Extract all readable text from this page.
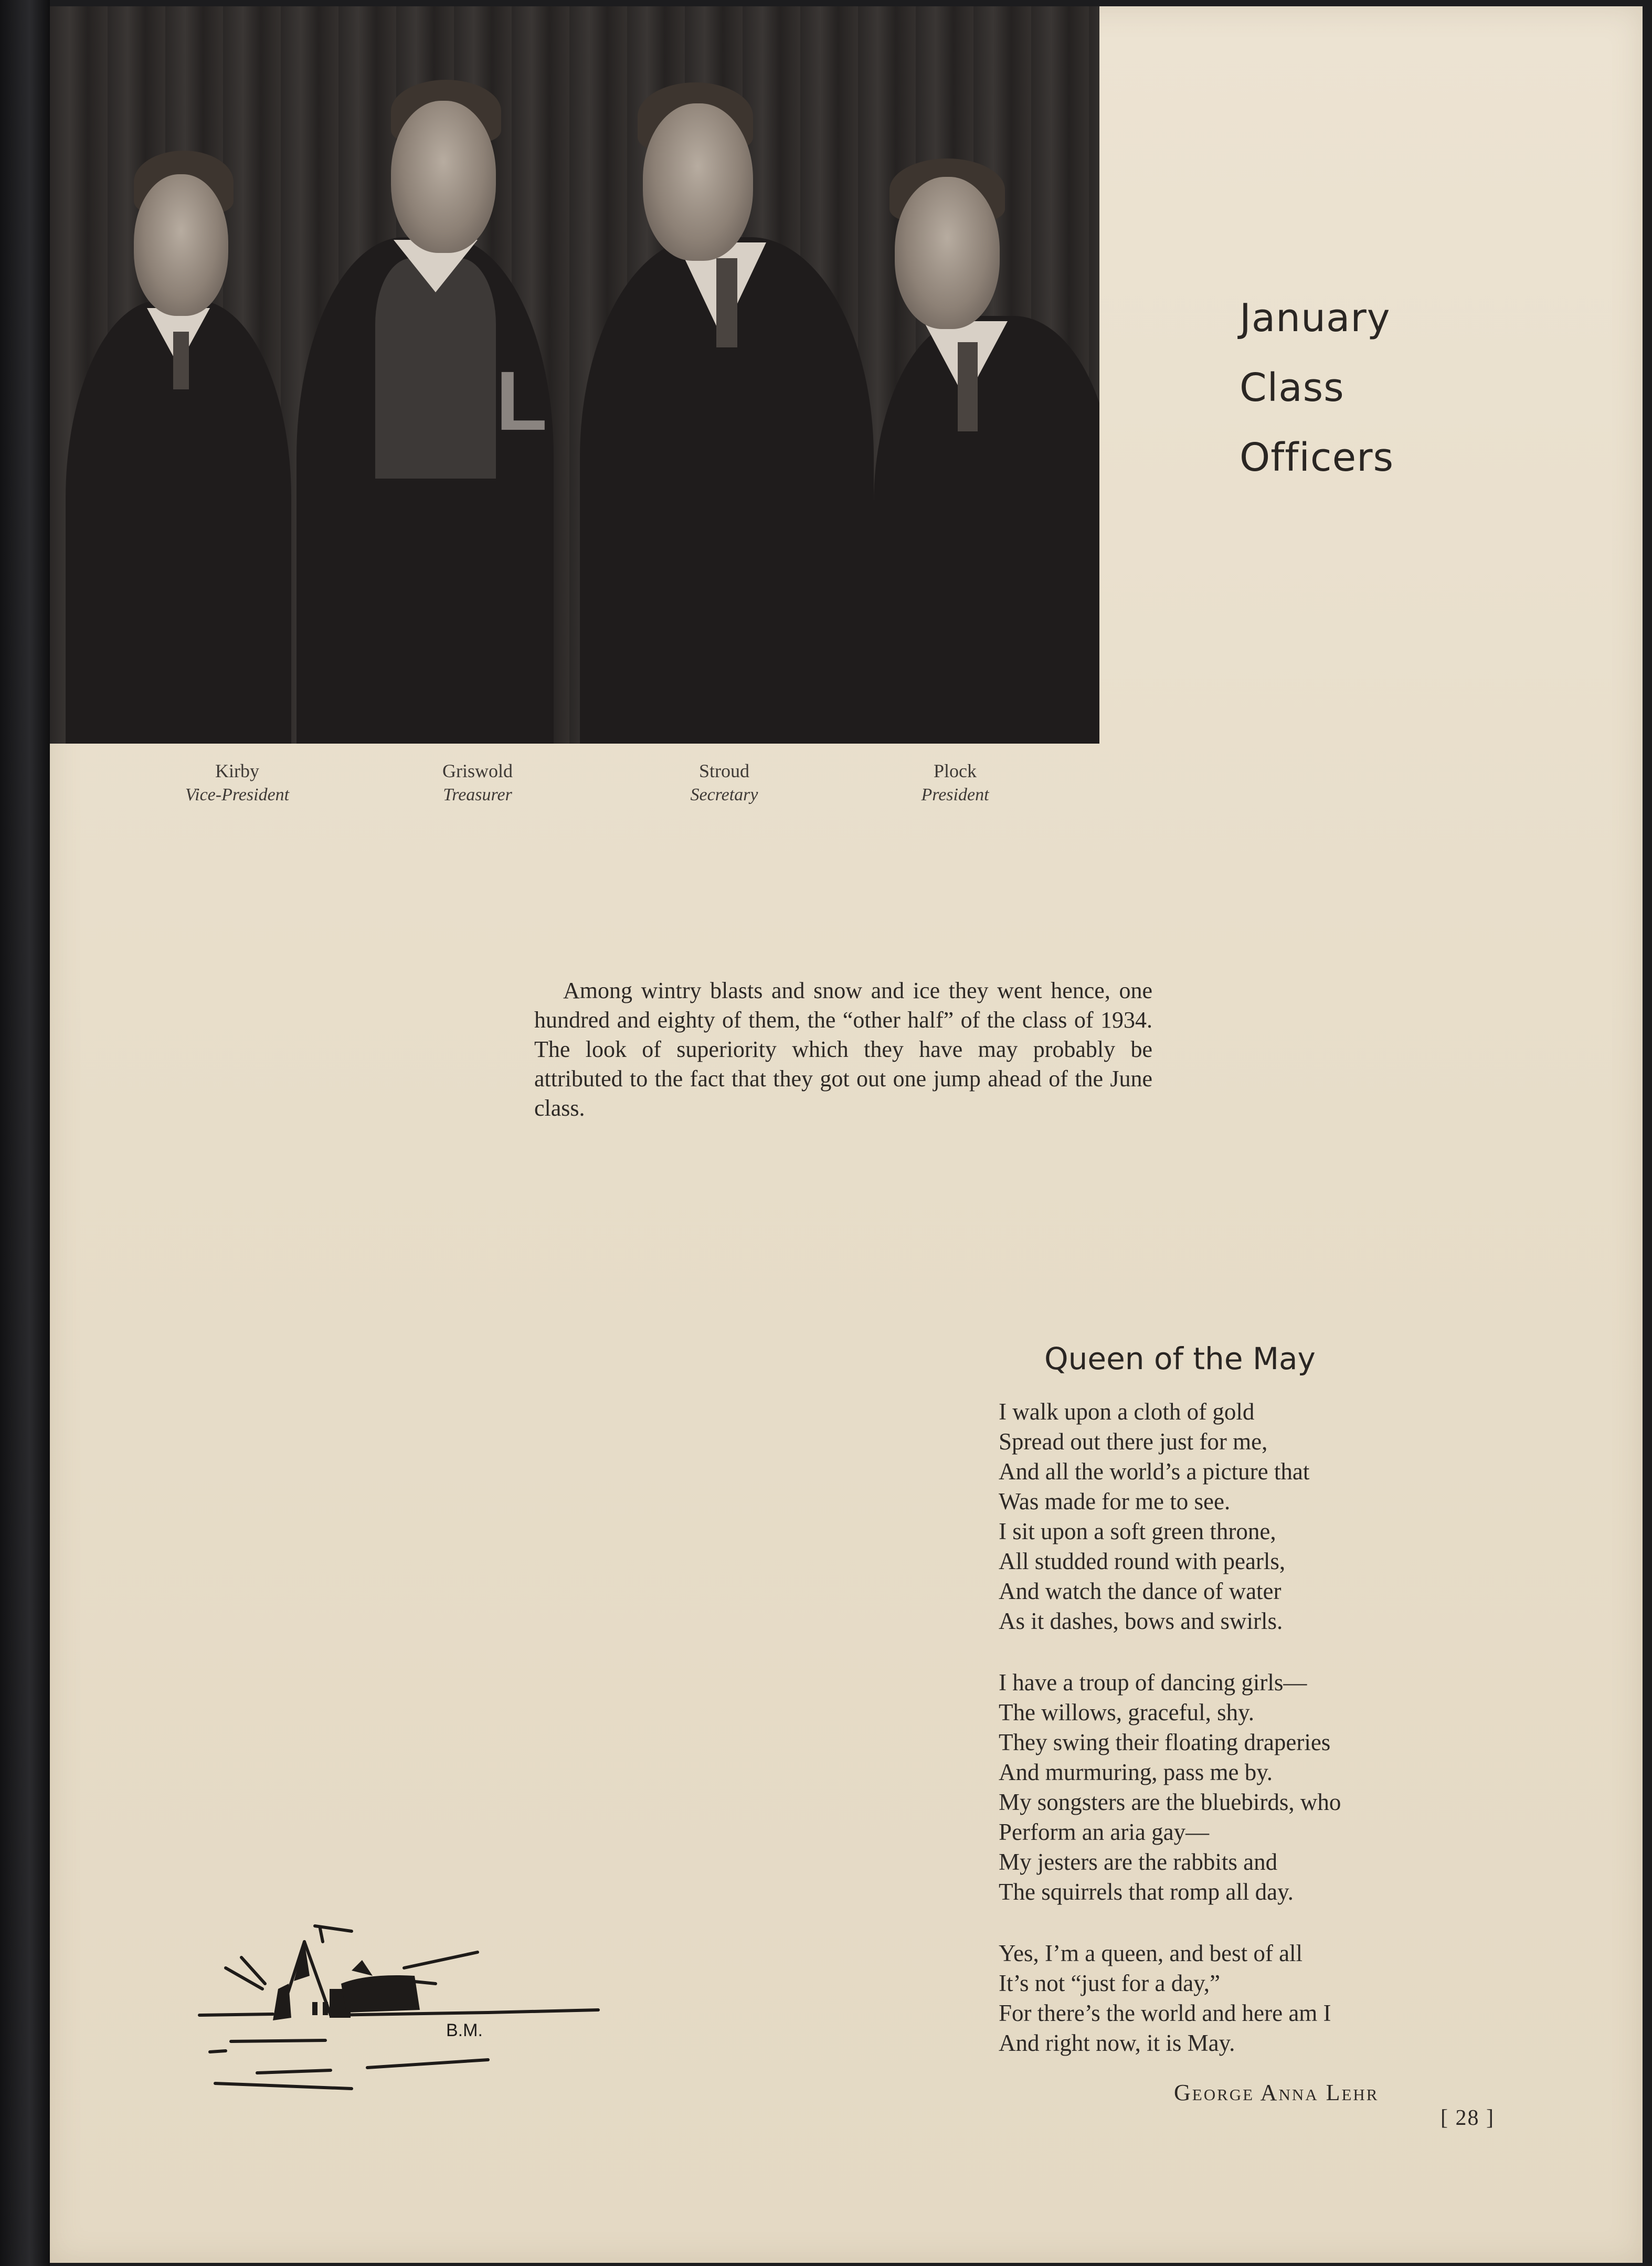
L
Kirby
Vice-President
Griswold
Treasurer
Stroud
Secretary
Plock
President
January
Class
Officers
Among wintry blasts and snow and ice they went hence, one hundred and eighty of them, the “other half” of the class of 1934. The look of superiority which they have may probably be attributed to the fact that they got out one jump ahead of the June class.
Queen of the May
I walk upon a cloth of gold
Spread out there just for me,
And all the world’s a picture that
Was made for me to see.
I sit upon a soft green throne,
All studded round with pearls,
And watch the dance of water
As it dashes, bows and swirls.
I have a troup of dancing girls—
The willows, graceful, shy.
They swing their floating draperies
And murmuring, pass me by.
My songsters are the bluebirds, who
Perform an aria gay—
My jesters are the rabbits and
The squirrels that romp all day.
Yes, I’m a queen, and best of all
It’s not “just for a day,”
For there’s the world and here am I
And right now, it is May.
George Anna Lehr
B.M.
[ 28 ]
